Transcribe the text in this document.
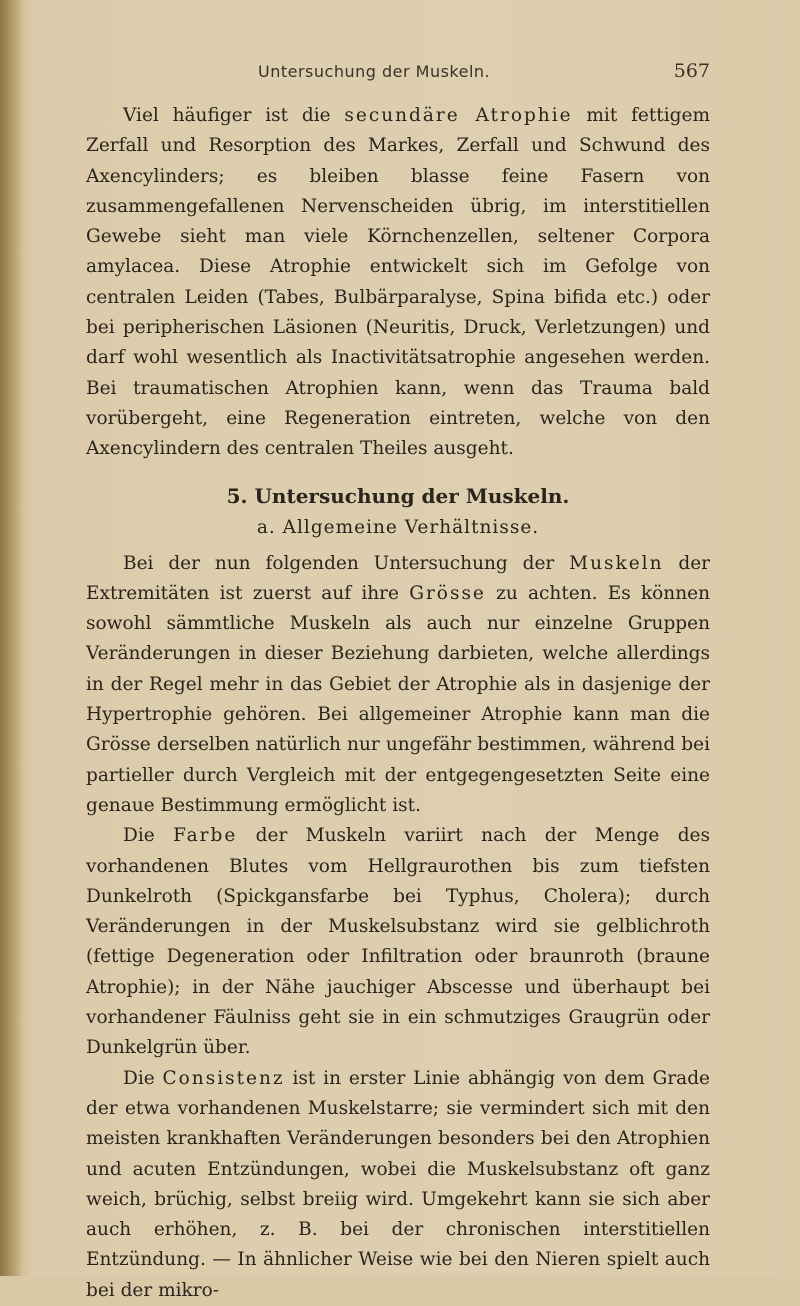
Untersuchung der Muskeln.	567

Viel häufiger ist die secundäre Atrophie mit fettigem Zerfall und Resorption des Markes, Zerfall und Schwund des Axencylinders; es bleiben blasse feine Fasern von zusammengefallenen Nervenscheiden übrig, im interstitiellen Gewebe sieht man viele Körnchenzellen, seltener Corpora amylacea. Diese Atrophie entwickelt sich im Gefolge von centralen Leiden (Tabes, Bulbärparalyse, Spina bifida etc.) oder bei peripherischen Läsionen (Neuritis, Druck, Verletzungen) und darf wohl wesentlich als Inactivitätsatrophie angesehen werden. Bei traumatischen Atrophien kann, wenn das Trauma bald vorübergeht, eine Regeneration eintreten, welche von den Axencylindern des centralen Theiles ausgeht.

5. Untersuchung der Muskeln.
a. Allgemeine Verhältnisse.

Bei der nun folgenden Untersuchung der Muskeln der Extremitäten ist zuerst auf ihre Grösse zu achten. Es können sowohl sämmtliche Muskeln als auch nur einzelne Gruppen Veränderungen in dieser Beziehung darbieten, welche allerdings in der Regel mehr in das Gebiet der Atrophie als in dasjenige der Hypertrophie gehören. Bei allgemeiner Atrophie kann man die Grösse derselben natürlich nur ungefähr bestimmen, während bei partieller durch Vergleich mit der entgegengesetzten Seite eine genaue Bestimmung ermöglicht ist.

Die Farbe der Muskeln variirt nach der Menge des vorhandenen Blutes vom Hellgraurothen bis zum tiefsten Dunkelroth (Spickgansfarbe bei Typhus, Cholera); durch Veränderungen in der Muskelsubstanz wird sie gelblichroth (fettige Degeneration oder Infiltration oder braunroth (braune Atrophie); in der Nähe jauchiger Abscesse und überhaupt bei vorhandener Fäulniss geht sie in ein schmutziges Graugrün oder Dunkelgrün über.

Die Consistenz ist in erster Linie abhängig von dem Grade der etwa vorhandenen Muskelstarre; sie vermindert sich mit den meisten krankhaften Veränderungen besonders bei den Atrophien und acuten Entzündungen, wobei die Muskelsubstanz oft ganz weich, brüchig, selbst breiig wird. Umgekehrt kann sie sich aber auch erhöhen, z. B. bei der chronischen interstitiellen Entzündung. — In ähnlicher Weise wie bei den Nieren spielt auch bei der mikro-
